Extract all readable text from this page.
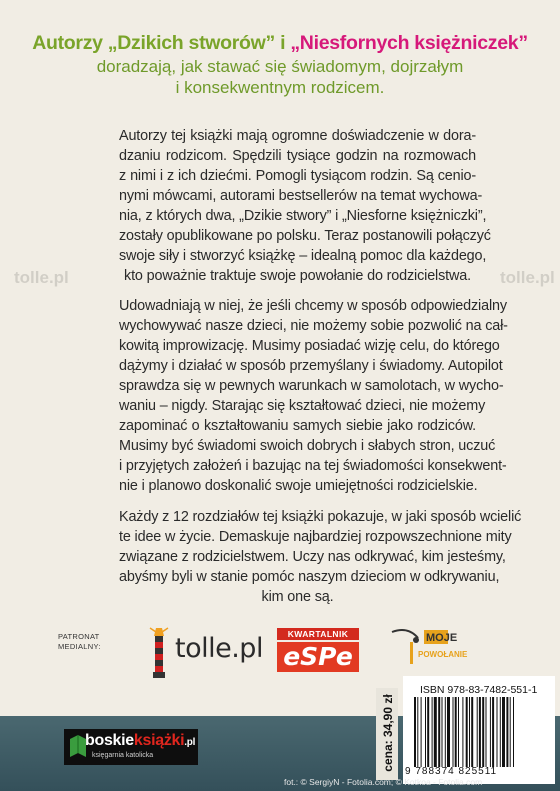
tolle.pl	tolle.pl
Autorzy „Dzikich stworów” i „Niesfornych księżniczek”
doradzają, jak stawać się świadomym, dojrzałym
i konsekwentnym rodzicem.
Autorzy tej książki mają ogromne doświadczenie w dora-
dzaniu rodzicom. Spędzili tysiące godzin na rozmowach
z nimi i z ich dziećmi. Pomogli tysiącom rodzin. Są cenio-
nymi mówcami, autorami bestsellerów na temat wychowa-
nia, z których dwa, „Dzikie stwory” i „Niesforne księżniczki”,
zostały opublikowane po polsku. Teraz postanowili połączyć
swoje siły i stworzyć książkę – idealną pomoc dla każdego,
kto poważnie traktuje swoje powołanie do rodzicielstwa.
Udowadniają w niej, że jeśli chcemy w sposób odpowiedzialny
wychowywać nasze dzieci, nie możemy sobie pozwolić na cał-
kowitą improwizację. Musimy posiadać wizję celu, do którego
dążymy i działać w sposób przemyślany i świadomy. Autopilot
sprawdza się w pewnych warunkach w samolotach, w wycho-
waniu – nigdy. Starając się kształtować dzieci, nie możemy
zapominać o kształtowaniu samych siebie jako rodziców.
Musimy być świadomi swoich dobrych i słabych stron, uczuć
i przyjętych założeń i bazując na tej świadomości konsekwent-
nie i planowo doskonalić swoje umiejętności rodzicielskie.
Każdy z 12 rozdziałów tej książki pokazuje, w jaki sposób wcielić
te idee w życie. Demaskuje najbardziej rozpowszechnione mity
związane z rodzicielstwem. Uczy nas odkrywać, kim jesteśmy,
abyśmy byli w stanie pomóc naszym dzieciom w odkrywaniu,
kim one są.
PATRONAT
MEDIALNY:	tolle.pl	KWARTALNIK
eSPe
MOJE
POWOŁANIE
boskieksiążki.pl
księgarnia katolicka	cena: 34,90 zł
ISBN 978-83-7482-551-1
9 788374 825511
fot.: © SergiyN - Fotolia.com; © Kotkoa - Fotolia.com
